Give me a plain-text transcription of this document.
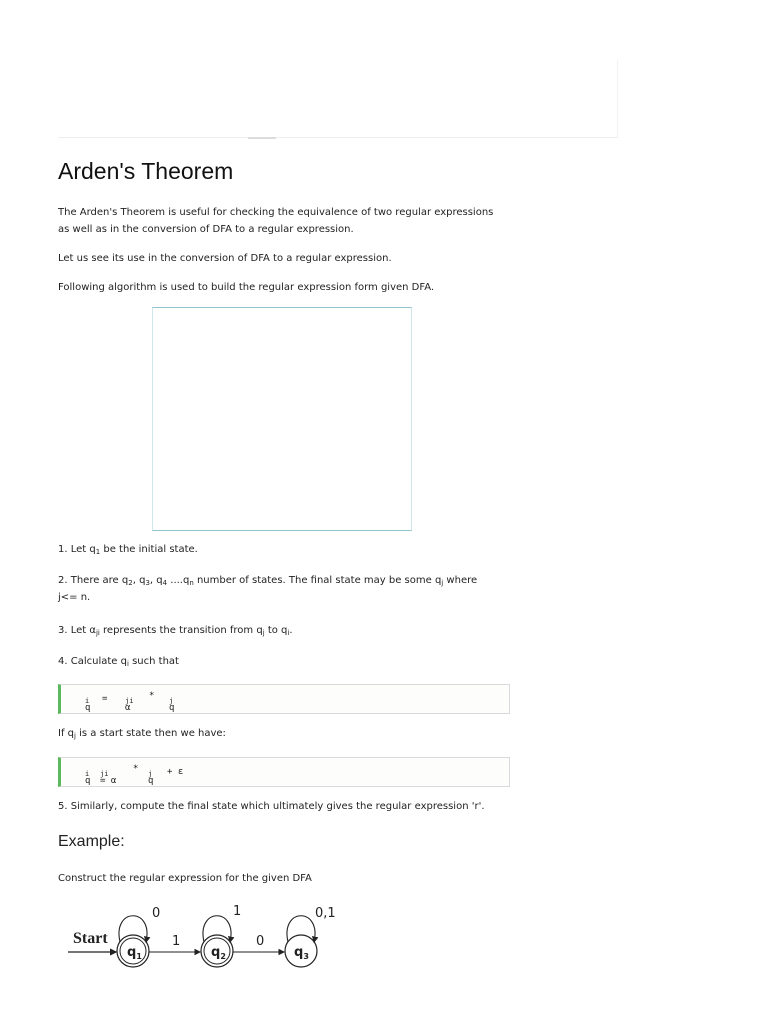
Arden's Theorem

The Arden's Theorem is useful for checking the equivalence of two regular expressions
as well as in the conversion of DFA to a regular expression.

Let us see its use in the conversion of DFA to a regular expression.

Following algorithm is used to build the regular expression form given DFA.

1. Let $q_1$ be the initial state.

2. There are $q_2$, $q_3$, $q_4$ $....q_n$ number of states. The final state may be some $q_j$ where
j<= n.

3. Let $\alpha_{ji}$ represents the transition from $q_j$ to $q_i$.

4. Calculate $q_i$ such that

q
$_i$ =
α
$_{ji}$ *
q
$_j$

If $q_j$ is a start state then we have:

q
$_i$
= α
$_{ji}$	*
q
$_j$ + ε

5. Similarly, compute the final state which ultimately gives the regular expression 'r'.

Example:

Construct the regular expression for the given DFA

Start
$q_1$
0
1
$q_2$
1
0
$q_3$
0,1
